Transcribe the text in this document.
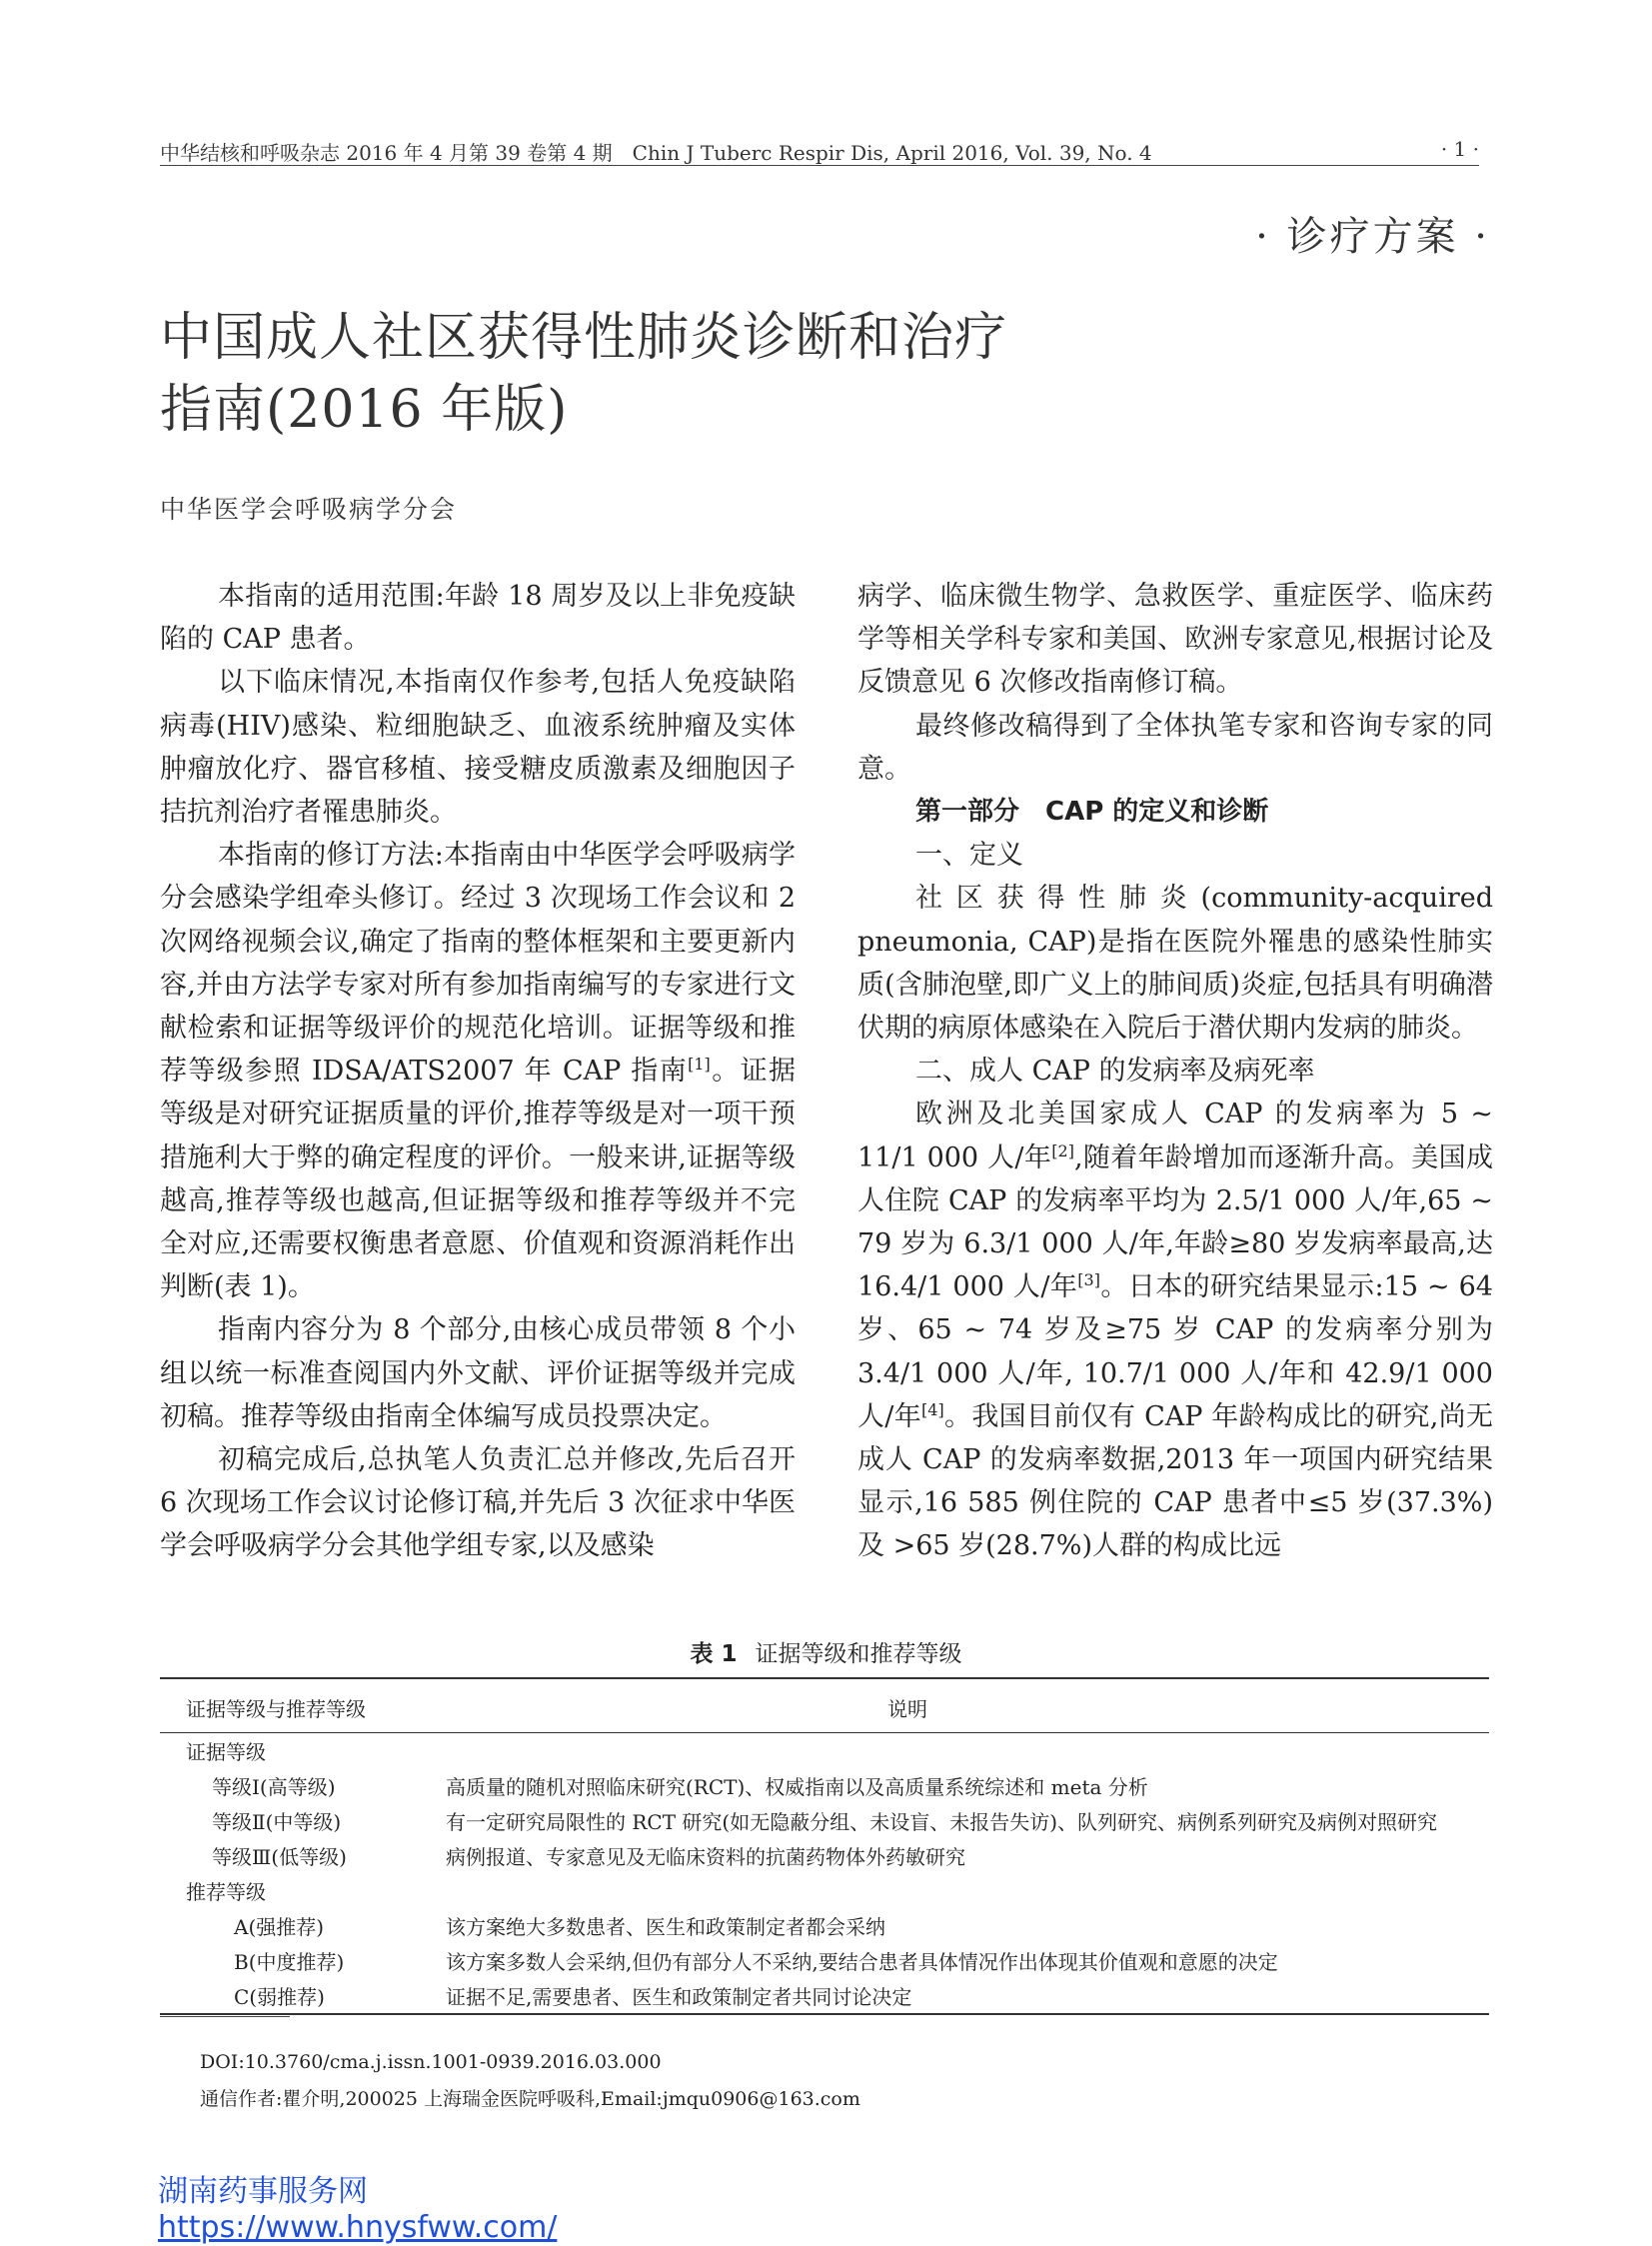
中华结核和呼吸杂志 2016 年 4 月第 39 卷第 4 期　Chin J Tuberc Respir Dis, April 2016, Vol. 39, No. 4	· 1 ·
· 诊疗方案 ·
中国成人社区获得性肺炎诊断和治疗
指南(2016 年版)
中华医学会呼吸病学分会

本指南的适用范围:年龄 18 周岁及以上非免疫缺陷的 CAP 患者。

以下临床情况,本指南仅作参考,包括人免疫缺陷病毒(HIV)感染、粒细胞缺乏、血液系统肿瘤及实体肿瘤放化疗、器官移植、接受糖皮质激素及细胞因子拮抗剂治疗者罹患肺炎。

本指南的修订方法:本指南由中华医学会呼吸病学分会感染学组牵头修订。经过 3 次现场工作会议和 2 次网络视频会议,确定了指南的整体框架和主要更新内容,并由方法学专家对所有参加指南编写的专家进行文献检索和证据等级评价的规范化培训。证据等级和推荐等级参照 IDSA/ATS2007 年 CAP 指南[1]。证据等级是对研究证据质量的评价,推荐等级是对一项干预措施利大于弊的确定程度的评价。一般来讲,证据等级越高,推荐等级也越高,但证据等级和推荐等级并不完全对应,还需要权衡患者意愿、价值观和资源消耗作出判断(表 1)。

指南内容分为 8 个部分,由核心成员带领 8 个小组以统一标准查阅国内外文献、评价证据等级并完成初稿。推荐等级由指南全体编写成员投票决定。

初稿完成后,总执笔人负责汇总并修改,先后召开 6 次现场工作会议讨论修订稿,并先后 3 次征求中华医学会呼吸病学分会其他学组专家,以及感染

病学、临床微生物学、急救医学、重症医学、临床药学等相关学科专家和美国、欧洲专家意见,根据讨论及反馈意见 6 次修改指南修订稿。

最终修改稿得到了全体执笔专家和咨询专家的同意。

第一部分　CAP 的定义和诊断

一、定义

社区获得性肺炎(community-acquired pneumonia, CAP)是指在医院外罹患的感染性肺实质(含肺泡壁,即广义上的肺间质)炎症,包括具有明确潜伏期的病原体感染在入院后于潜伏期内发病的肺炎。

二、成人 CAP 的发病率及病死率

欧洲及北美国家成人 CAP 的发病率为 5 ~ 11/1 000 人/年[2],随着年龄增加而逐渐升高。美国成人住院 CAP 的发病率平均为 2.5/1 000 人/年,65 ~ 79 岁为 6.3/1 000 人/年,年龄≥80 岁发病率最高,达 16.4/1 000 人/年[3]。日本的研究结果显示:15 ~ 64 岁、65 ~ 74 岁及≥75 岁 CAP 的发病率分别为 3.4/1 000 人/年, 10.7/1 000 人/年和 42.9/1 000 人/年[4]。我国目前仅有 CAP 年龄构成比的研究,尚无成人 CAP 的发病率数据,2013 年一项国内研究结果显示,16 585 例住院的 CAP 患者中≤5 岁(37.3%)及 >65 岁(28.7%)人群的构成比远

表 1 证据等级和推荐等级
证据等级与推荐等级	说明
证据等级	
等级Ⅰ(高等级)	高质量的随机对照临床研究(RCT)、权威指南以及高质量系统综述和 meta 分析
等级Ⅱ(中等级)	有一定研究局限性的 RCT 研究(如无隐蔽分组、未设盲、未报告失访)、队列研究、病例系列研究及病例对照研究
等级Ⅲ(低等级)	病例报道、专家意见及无临床资料的抗菌药物体外药敏研究
推荐等级	
A(强推荐)	该方案绝大多数患者、医生和政策制定者都会采纳
B(中度推荐)	该方案多数人会采纳,但仍有部分人不采纳,要结合患者具体情况作出体现其价值观和意愿的决定
C(弱推荐)	证据不足,需要患者、医生和政策制定者共同讨论决定
DOI:10.3760/cma.j.issn.1001-0939.2016.03.000
通信作者:瞿介明,200025 上海瑞金医院呼吸科,Email:jmqu0906@163.com
湖南药事服务网
https://www.hnysfww.com/
